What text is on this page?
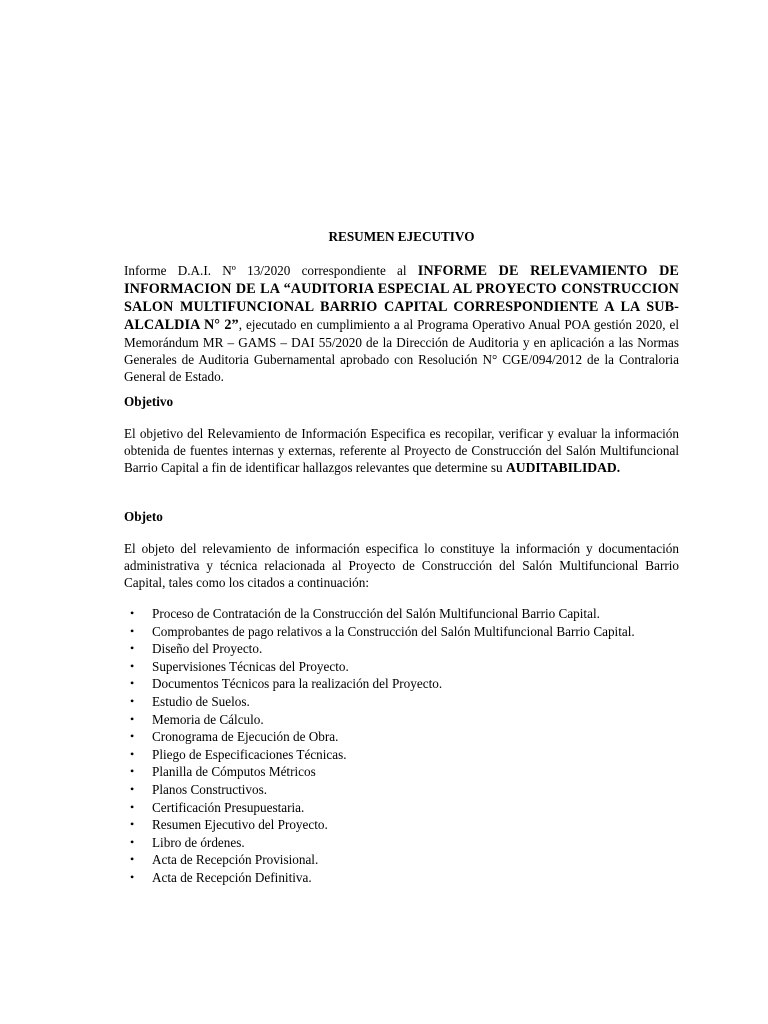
RESUMEN EJECUTIVO

Informe D.A.I. Nº 13/2020 correspondiente al INFORME DE RELEVAMIENTO DE INFORMACION DE LA “AUDITORIA ESPECIAL AL PROYECTO CONSTRUCCION SALON MULTIFUNCIONAL BARRIO CAPITAL CORRESPONDIENTE A LA SUB-ALCALDIA N° 2”, ejecutado en cumplimiento a al Programa Operativo Anual POA gestión 2020, el Memorándum MR – GAMS – DAI 55/2020 de la Dirección de Auditoria y en aplicación a las Normas Generales de Auditoria Gubernamental aprobado con Resolución N° CGE/094/2012 de la Contraloria General de Estado.

Objetivo

El objetivo del Relevamiento de Información Especifica es recopilar, verificar y evaluar la información obtenida de fuentes internas y externas, referente al Proyecto de Construcción del Salón Multifuncional Barrio Capital a fin de identificar hallazgos relevantes que determine su AUDITABILIDAD.

Objeto

El objeto del relevamiento de información especifica lo constituye la información y documentación administrativa y técnica relacionada al Proyecto de Construcción del Salón Multifuncional Barrio Capital, tales como los citados a continuación:

• Proceso de Contratación de la Construcción del Salón Multifuncional Barrio Capital.
• Comprobantes de pago relativos a la Construcción del Salón Multifuncional Barrio Capital.
• Diseño del Proyecto.
• Supervisiones Técnicas del Proyecto.
• Documentos Técnicos para la realización del Proyecto.
• Estudio de Suelos.
• Memoria de Cálculo.
• Cronograma de Ejecución de Obra.
• Pliego de Especificaciones Técnicas.
• Planilla de Cómputos Métricos
• Planos Constructivos.
• Certificación Presupuestaria.
• Resumen Ejecutivo del Proyecto.
• Libro de órdenes.
• Acta de Recepción Provisional.
• Acta de Recepción Definitiva.
